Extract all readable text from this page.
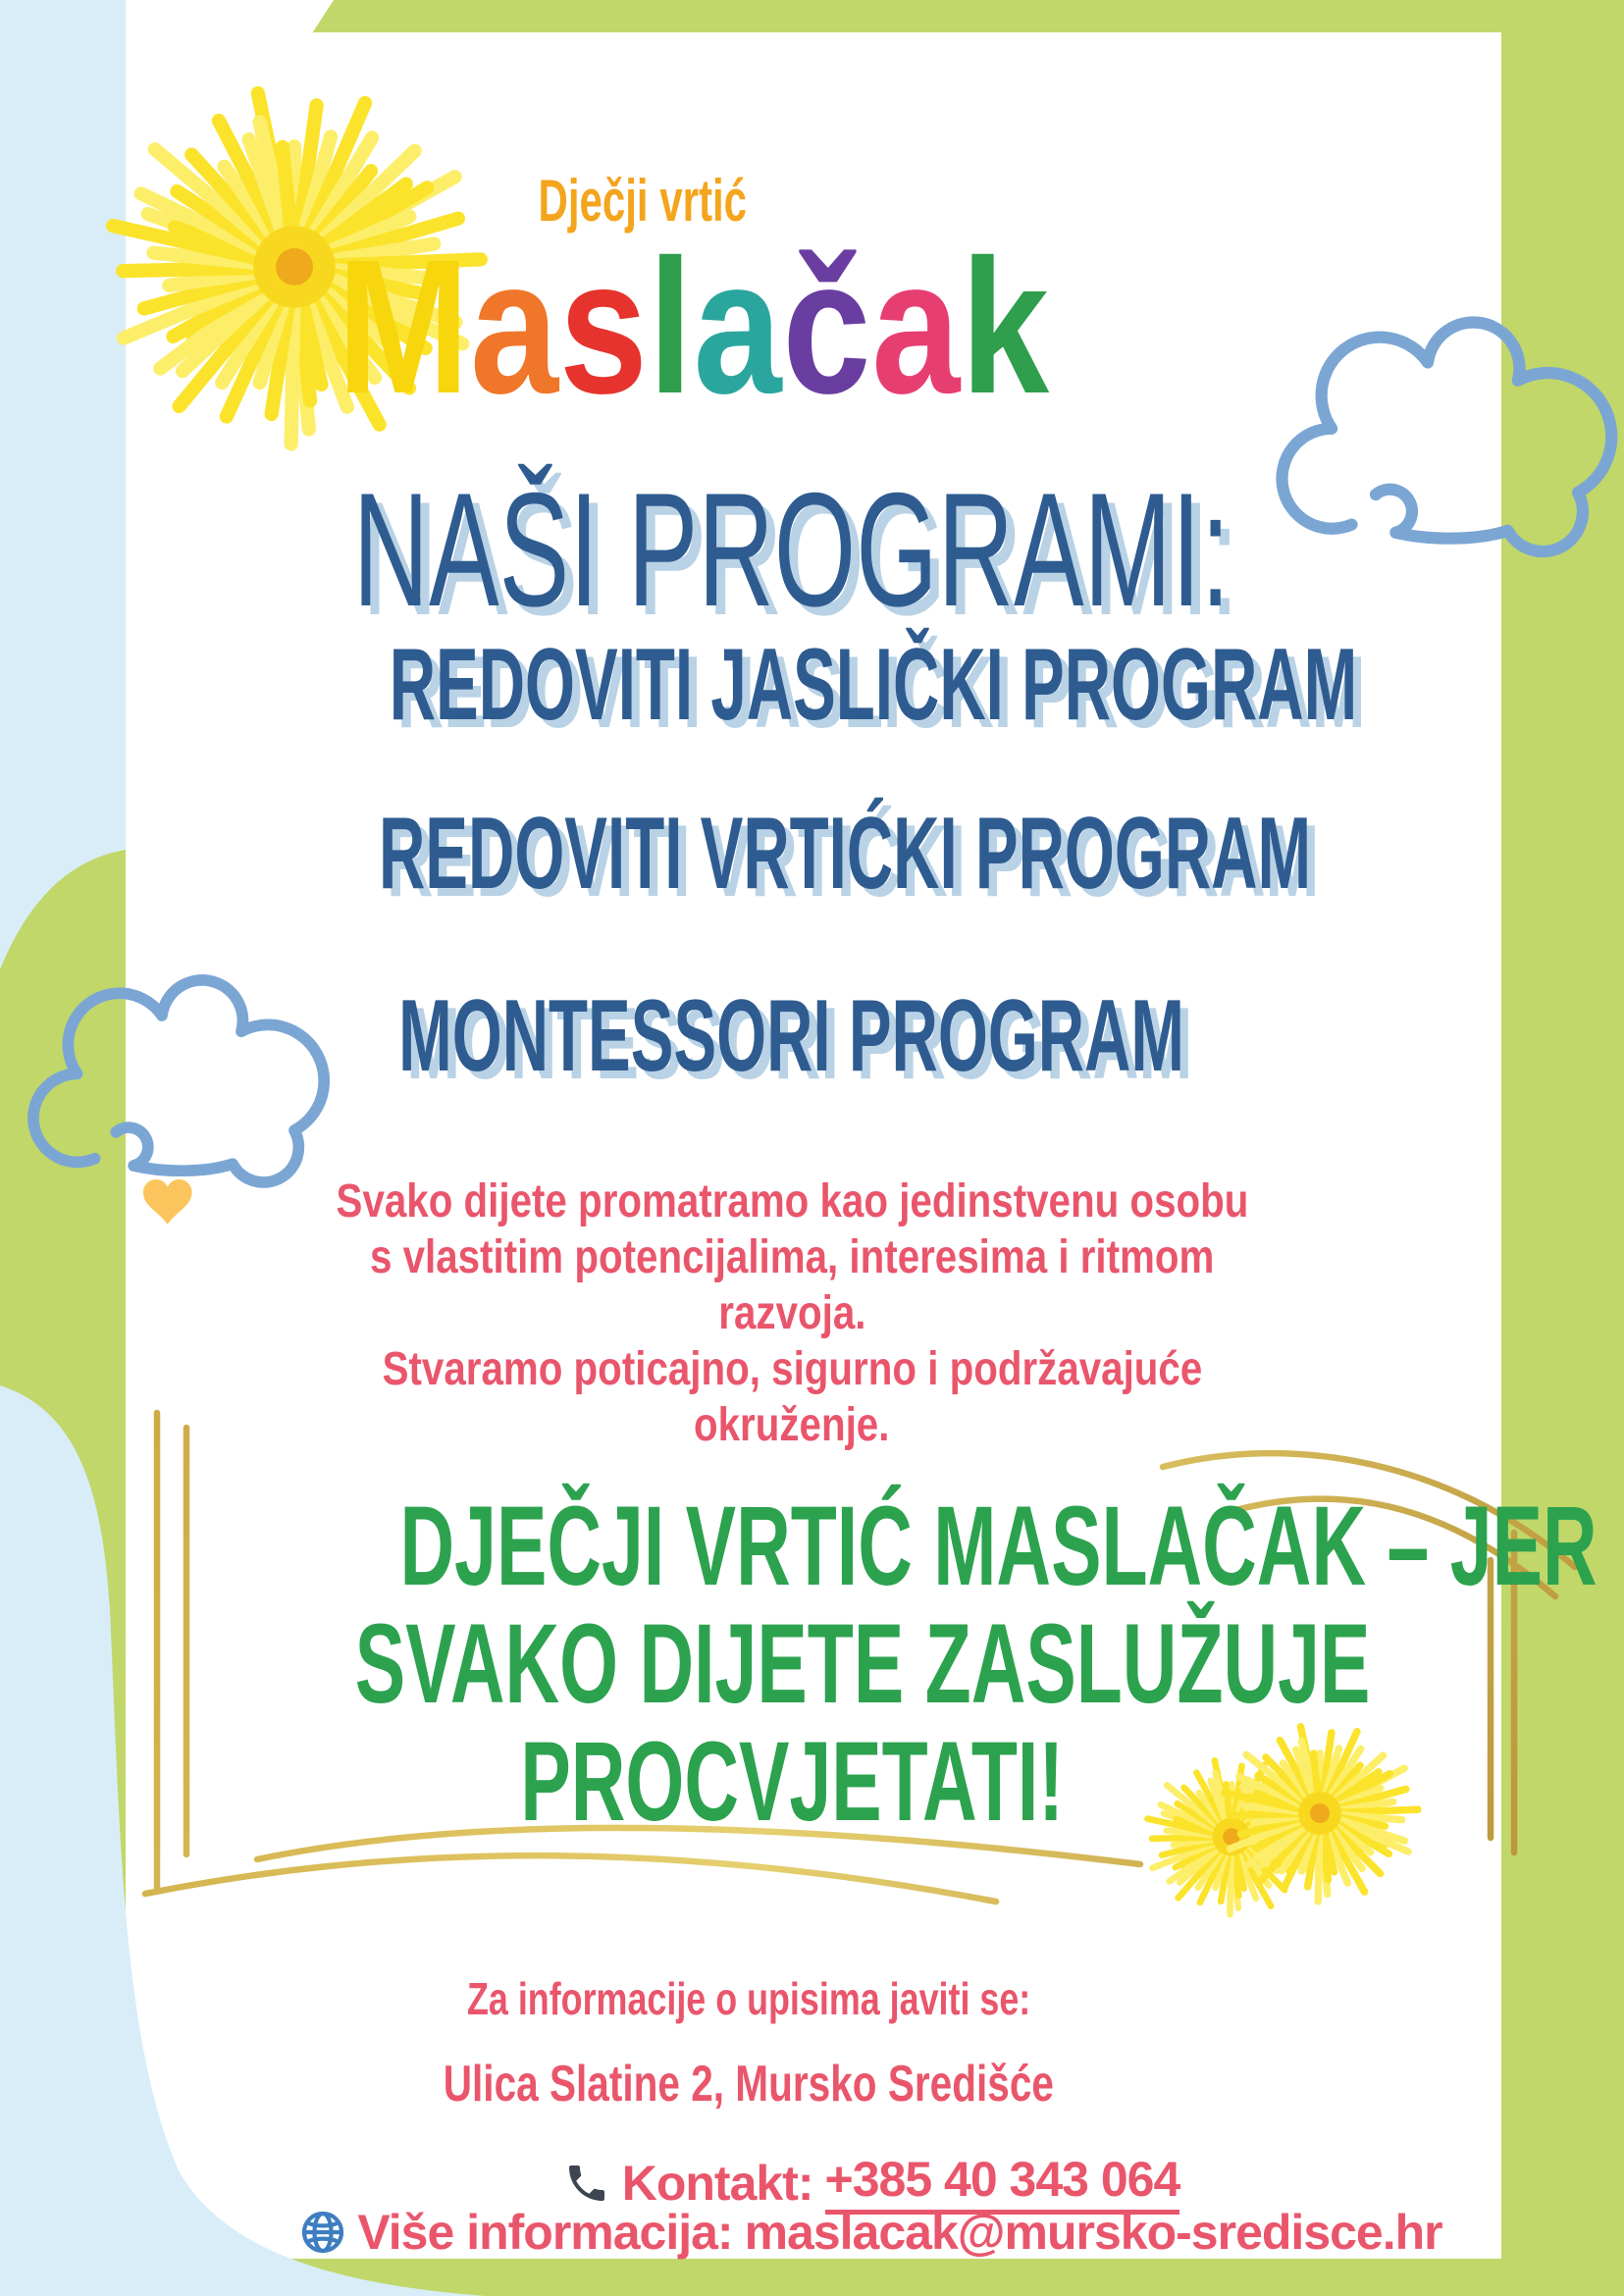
Dječji vrtić
Maslačak
NAŠI PROGRAMI:
REDOVITI JASLIČKI PROGRAM
REDOVITI VRTIĆKI PROGRAM
MONTESSORI PROGRAM
Svako dijete promatramo kao jedinstvenu osobu
s vlastitim potencijalima, interesima i ritmom
razvoja.
Stvaramo poticajno, sigurno i podržavajuće
okruženje.
DJEČJI VRTIĆ MASLAČAK – JER
SVAKO DIJETE ZASLUŽUJE
PROCVJETATI!
Za informacije o upisima javiti se:
Ulica Slatine 2, Mursko Središće
Kontakt: +385 40 343 064
Više informacija: maslacak@mursko-sredisce.hr
